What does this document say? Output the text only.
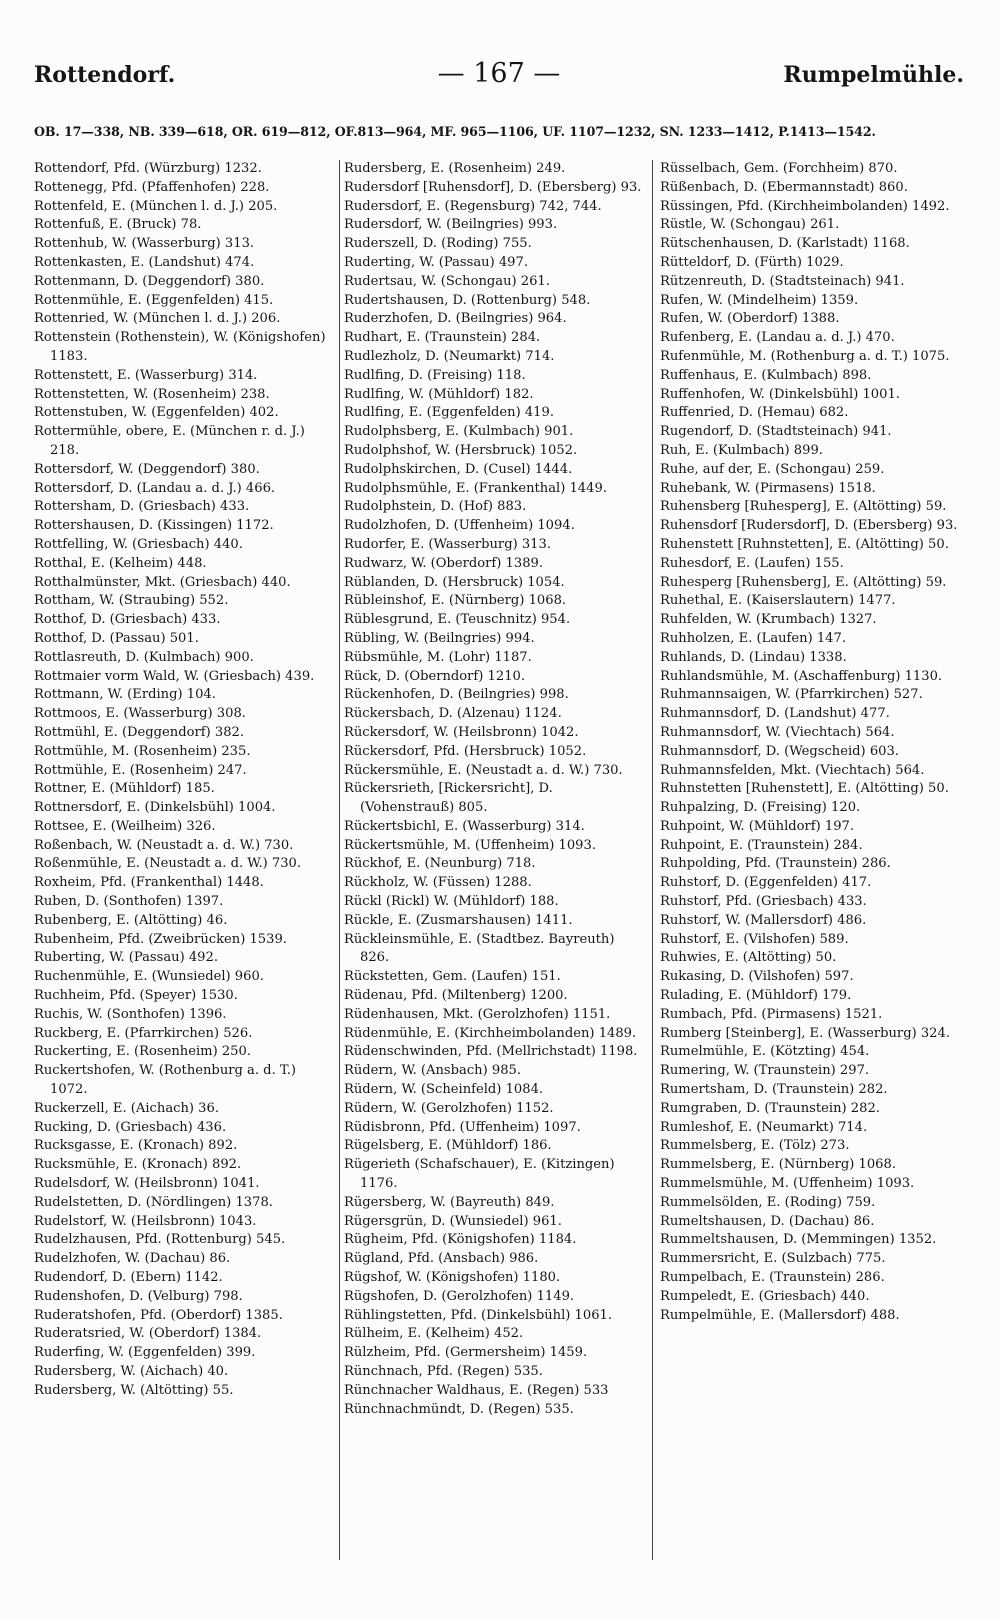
Rottendorf.	— 167 —	Rumpelmühle.
OB. 17—338, NB. 339—618, OR. 619—812, OF.813—964, MF. 965—1106, UF. 1107—1232, SN. 1233—1412, P.1413—1542.

Rottendorf, Pfd. (Würzburg) 1232.

Rottenegg, Pfd. (Pfaffenhofen) 228.

Rottenfeld, E. (München l. d. J.) 205.

Rottenfuß, E. (Bruck) 78.

Rottenhub, W. (Wasserburg) 313.

Rottenkasten, E. (Landshut) 474.

Rottenmann, D. (Deggendorf) 380.

Rottenmühle, E. (Eggenfelden) 415.

Rottenried, W. (München l. d. J.) 206.

Rottenstein (Rothenstein), W. (Königshofen) 1183.

Rottenstett, E. (Wasserburg) 314.

Rottenstetten, W. (Rosenheim) 238.

Rottenstuben, W. (Eggenfelden) 402.

Rottermühle, obere, E. (München r. d. J.) 218.

Rottersdorf, W. (Deggendorf) 380.

Rottersdorf, D. (Landau a. d. J.) 466.

Rottersham, D. (Griesbach) 433.

Rottershausen, D. (Kissingen) 1172.

Rottfelling, W. (Griesbach) 440.

Rotthal, E. (Kelheim) 448.

Rotthalmünster, Mkt. (Griesbach) 440.

Rottham, W. (Straubing) 552.

Rotthof, D. (Griesbach) 433.

Rotthof, D. (Passau) 501.

Rottlasreuth, D. (Kulmbach) 900.

Rottmaier vorm Wald, W. (Griesbach) 439.

Rottmann, W. (Erding) 104.

Rottmoos, E. (Wasserburg) 308.

Rottmühl, E. (Deggendorf) 382.

Rottmühle, M. (Rosenheim) 235.

Rottmühle, E. (Rosenheim) 247.

Rottner, E. (Mühldorf) 185.

Rottnersdorf, E. (Dinkelsbühl) 1004.

Rottsee, E. (Weilheim) 326.

Roßenbach, W. (Neustadt a. d. W.) 730.

Roßenmühle, E. (Neustadt a. d. W.) 730.

Roxheim, Pfd. (Frankenthal) 1448.

Ruben, D. (Sonthofen) 1397.

Rubenberg, E. (Altötting) 46.

Rubenheim, Pfd. (Zweibrücken) 1539.

Ruberting, W. (Passau) 492.

Ruchenmühle, E. (Wunsiedel) 960.

Ruchheim, Pfd. (Speyer) 1530.

Ruchis, W. (Sonthofen) 1396.

Ruckberg, E. (Pfarrkirchen) 526.

Ruckerting, E. (Rosenheim) 250.

Ruckertshofen, W. (Rothenburg a. d. T.) 1072.

Ruckerzell, E. (Aichach) 36.

Rucking, D. (Griesbach) 436.

Rucksgasse, E. (Kronach) 892.

Rucksmühle, E. (Kronach) 892.

Rudelsdorf, W. (Heilsbronn) 1041.

Rudelstetten, D. (Nördlingen) 1378.

Rudelstorf, W. (Heilsbronn) 1043.

Rudelzhausen, Pfd. (Rottenburg) 545.

Rudelzhofen, W. (Dachau) 86.

Rudendorf, D. (Ebern) 1142.

Rudenshofen, D. (Velburg) 798.

Ruderatshofen, Pfd. (Oberdorf) 1385.

Ruderatsried, W. (Oberdorf) 1384.

Ruderfing, W. (Eggenfelden) 399.

Rudersberg, W. (Aichach) 40.

Rudersberg, W. (Altötting) 55.

Rudersberg, E. (Rosenheim) 249.

Rudersdorf [Ruhensdorf], D. (Ebersberg) 93.

Rudersdorf, E. (Regensburg) 742, 744.

Rudersdorf, W. (Beilngries) 993.

Ruderszell, D. (Roding) 755.

Ruderting, W. (Passau) 497.

Rudertsau, W. (Schongau) 261.

Rudertshausen, D. (Rottenburg) 548.

Ruderzhofen, D. (Beilngries) 964.

Rudhart, E. (Traunstein) 284.

Rudlezholz, D. (Neumarkt) 714.

Rudlfing, D. (Freising) 118.

Rudlfing, W. (Mühldorf) 182.

Rudlfing, E. (Eggenfelden) 419.

Rudolphsberg, E. (Kulmbach) 901.

Rudolphshof, W. (Hersbruck) 1052.

Rudolphskirchen, D. (Cusel) 1444.

Rudolphsmühle, E. (Frankenthal) 1449.

Rudolphstein, D. (Hof) 883.

Rudolzhofen, D. (Uffenheim) 1094.

Rudorfer, E. (Wasserburg) 313.

Rudwarz, W. (Oberdorf) 1389.

Rüblanden, D. (Hersbruck) 1054.

Rübleinshof, E. (Nürnberg) 1068.

Rüblesgrund, E. (Teuschnitz) 954.

Rübling, W. (Beilngries) 994.

Rübsmühle, M. (Lohr) 1187.

Rück, D. (Oberndorf) 1210.

Rückenhofen, D. (Beilngries) 998.

Rückersbach, D. (Alzenau) 1124.

Rückersdorf, W. (Heilsbronn) 1042.

Rückersdorf, Pfd. (Hersbruck) 1052.

Rückersmühle, E. (Neustadt a. d. W.) 730.

Rückersrieth, [Rickersricht], D. (Vohenstrauß) 805.

Rückertsbichl, E. (Wasserburg) 314.

Rückertsmühle, M. (Uffenheim) 1093.

Rückhof, E. (Neunburg) 718.

Rückholz, W. (Füssen) 1288.

Rückl (Rickl) W. (Mühldorf) 188.

Rückle, E. (Zusmarshausen) 1411.

Rückleinsmühle, E. (Stadtbez. Bayreuth) 826.

Rückstetten, Gem. (Laufen) 151.

Rüdenau, Pfd. (Miltenberg) 1200.

Rüdenhausen, Mkt. (Gerolzhofen) 1151.

Rüdenmühle, E. (Kirchheimbolanden) 1489.

Rüdenschwinden, Pfd. (Mellrichstadt) 1198.

Rüdern, W. (Ansbach) 985.

Rüdern, W. (Scheinfeld) 1084.

Rüdern, W. (Gerolzhofen) 1152.

Rüdisbronn, Pfd. (Uffenheim) 1097.

Rügelsberg, E. (Mühldorf) 186.

Rügerieth (Schafschauer), E. (Kitzingen) 1176.

Rügersberg, W. (Bayreuth) 849.

Rügersgrün, D. (Wunsiedel) 961.

Rügheim, Pfd. (Königshofen) 1184.

Rügland, Pfd. (Ansbach) 986.

Rügshof, W. (Königshofen) 1180.

Rügshofen, D. (Gerolzhofen) 1149.

Rühlingstetten, Pfd. (Dinkelsbühl) 1061.

Rülheim, E. (Kelheim) 452.

Rülzheim, Pfd. (Germersheim) 1459.

Rünchnach, Pfd. (Regen) 535.

Rünchnacher Waldhaus, E. (Regen) 533

Rünchnachmündt, D. (Regen) 535.

Rüsselbach, Gem. (Forchheim) 870.

Rüßenbach, D. (Ebermannstadt) 860.

Rüssingen, Pfd. (Kirchheimbolanden) 1492.

Rüstle, W. (Schongau) 261.

Rütschenhausen, D. (Karlstadt) 1168.

Rütteldorf, D. (Fürth) 1029.

Rützenreuth, D. (Stadtsteinach) 941.

Rufen, W. (Mindelheim) 1359.

Rufen, W. (Oberdorf) 1388.

Rufenberg, E. (Landau a. d. J.) 470.

Rufenmühle, M. (Rothenburg a. d. T.) 1075.

Ruffenhaus, E. (Kulmbach) 898.

Ruffenhofen, W. (Dinkelsbühl) 1001.

Ruffenried, D. (Hemau) 682.

Rugendorf, D. (Stadtsteinach) 941.

Ruh, E. (Kulmbach) 899.

Ruhe, auf der, E. (Schongau) 259.

Ruhebank, W. (Pirmasens) 1518.

Ruhensberg [Ruhesperg], E. (Altötting) 59.

Ruhensdorf [Rudersdorf], D. (Ebersberg) 93.

Ruhenstett [Ruhnstetten], E. (Altötting) 50.

Ruhesdorf, E. (Laufen) 155.

Ruhesperg [Ruhensberg], E. (Altötting) 59.

Ruhethal, E. (Kaiserslautern) 1477.

Ruhfelden, W. (Krumbach) 1327.

Ruhholzen, E. (Laufen) 147.

Ruhlands, D. (Lindau) 1338.

Ruhlandsmühle, M. (Aschaffenburg) 1130.

Ruhmannsaigen, W. (Pfarrkirchen) 527.

Ruhmannsdorf, D. (Landshut) 477.

Ruhmannsdorf, W. (Viechtach) 564.

Ruhmannsdorf, D. (Wegscheid) 603.

Ruhmannsfelden, Mkt. (Viechtach) 564.

Ruhnstetten [Ruhenstett], E. (Altötting) 50.

Ruhpalzing, D. (Freising) 120.

Ruhpoint, W. (Mühldorf) 197.

Ruhpoint, E. (Traunstein) 284.

Ruhpolding, Pfd. (Traunstein) 286.

Ruhstorf, D. (Eggenfelden) 417.

Ruhstorf, Pfd. (Griesbach) 433.

Ruhstorf, W. (Mallersdorf) 486.

Ruhstorf, E. (Vilshofen) 589.

Ruhwies, E. (Altötting) 50.

Rukasing, D. (Vilshofen) 597.

Rulading, E. (Mühldorf) 179.

Rumbach, Pfd. (Pirmasens) 1521.

Rumberg [Steinberg], E. (Wasserburg) 324.

Rumelmühle, E. (Kötzting) 454.

Rumering, W. (Traunstein) 297.

Rumertsham, D. (Traunstein) 282.

Rumgraben, D. (Traunstein) 282.

Rumleshof, E. (Neumarkt) 714.

Rummelsberg, E. (Tölz) 273.

Rummelsberg, E. (Nürnberg) 1068.

Rummelsmühle, M. (Uffenheim) 1093.

Rummelsölden, E. (Roding) 759.

Rumeltshausen, D. (Dachau) 86.

Rummeltshausen, D. (Memmingen) 1352.

Rummersricht, E. (Sulzbach) 775.

Rumpelbach, E. (Traunstein) 286.

Rumpeledt, E. (Griesbach) 440.

Rumpelmühle, E. (Mallersdorf) 488.
